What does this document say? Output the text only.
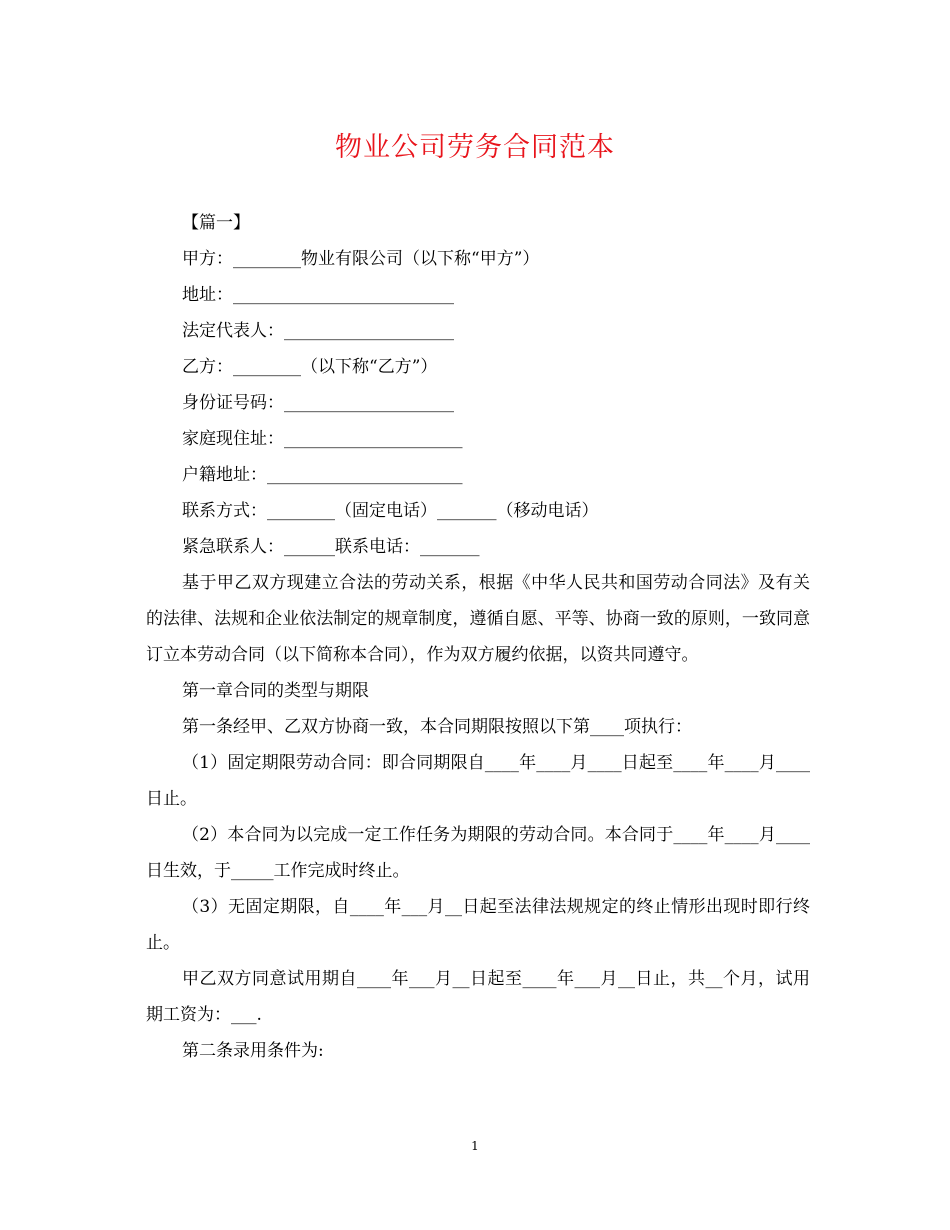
物业公司劳务合同范本

【篇一】

甲方：________物业有限公司（以下称“甲方”）

地址：__________________________

法定代表人：____________________

乙方：________（以下称“乙方”）

身份证号码：____________________

家庭现住址：_____________________

户籍地址：_______________________

联系方式：________（固定电话）_______（移动电话）

紧急联系人：______联系电话：_______

基于甲乙双方现建立合法的劳动关系，根据《中华人民共和国劳动合同法》及有关的法律、法规和企业依法制定的规章制度，遵循自愿、平等、协商一致的原则，一致同意订立本劳动合同（以下简称本合同），作为双方履约依据，以资共同遵守。

第一章合同的类型与期限

第一条经甲、乙双方协商一致，本合同期限按照以下第____项执行：

（1）固定期限劳动合同：即合同期限自____年____月____日起至____年____月____日止。

（2）本合同为以完成一定工作任务为期限的劳动合同。本合同于____年____月____日生效，于_____工作完成时终止。

（3）无固定期限，自____年___月__日起至法律法规规定的终止情形出现时即行终止。

甲乙双方同意试用期自____年___月__日起至____年___月__日止，共__个月，试用期工资为：___.

第二条录用条件为:

1
